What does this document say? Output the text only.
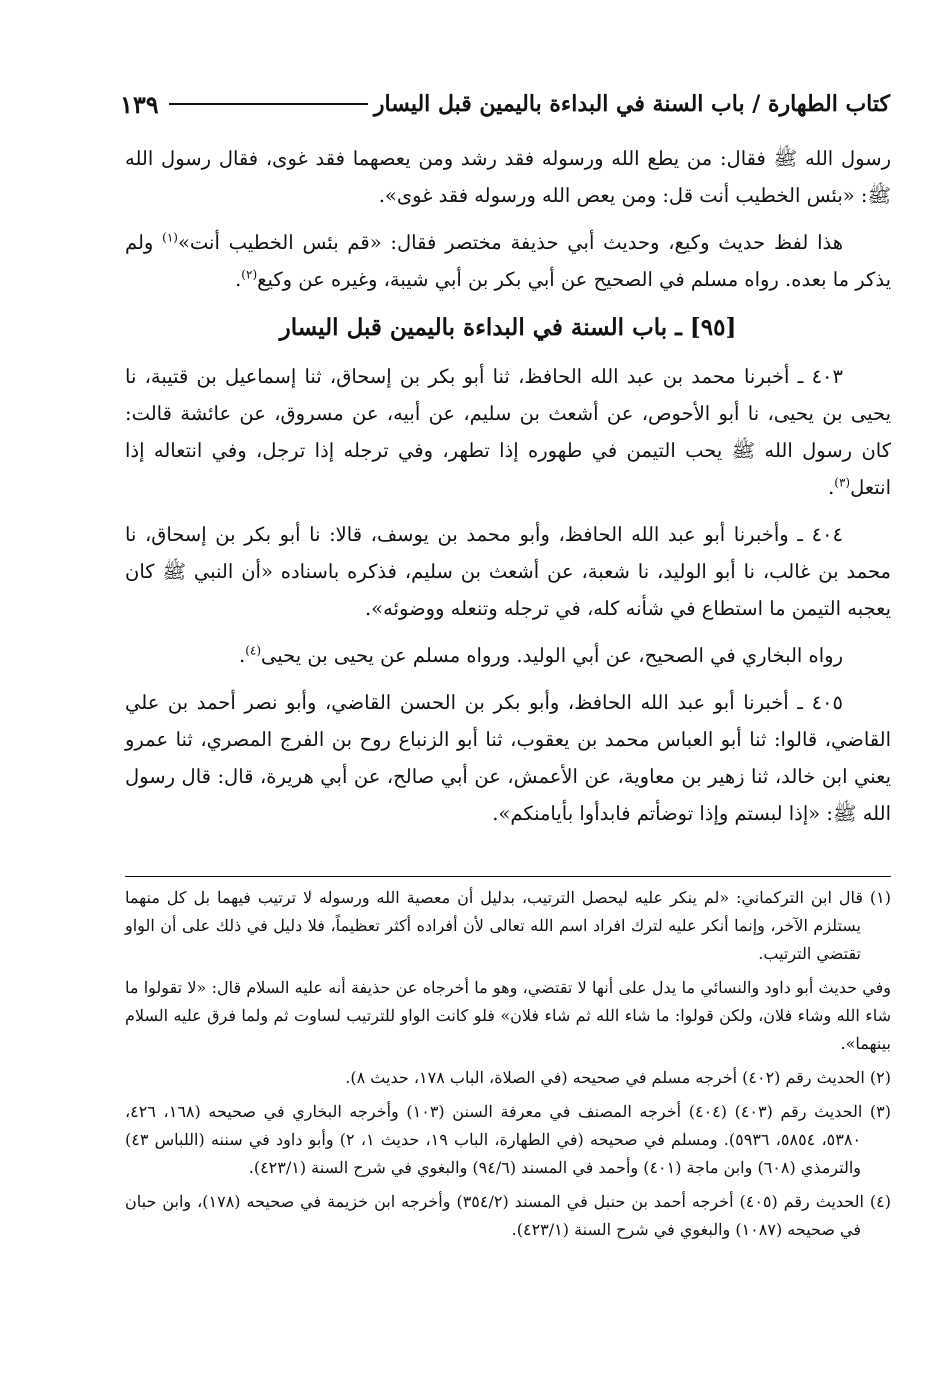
كتاب الطهارة / باب السنة في البداءة باليمين قبل اليسار
١٣٩

رسول الله ﷺ فقال: من يطع الله ورسوله فقد رشد ومن يعصهما فقد غوى، فقال رسول الله ﷺ: «بئس الخطيب أنت قل: ومن يعص الله ورسوله فقد غوى».

هذا لفظ حديث وكيع، وحديث أبي حذيفة مختصر فقال: «قم بئس الخطيب أنت»$^{(١)}$ ولم يذكر ما بعده. رواه مسلم في الصحيح عن أبي بكر بن أبي شيبة، وغيره عن وكيع$^{(٢)}$.

[٩٥] ـ باب السنة في البداءة باليمين قبل اليسار

٤٠٣ ـ أخبرنا محمد بن عبد الله الحافظ، ثنا أبو بكر بن إسحاق، ثنا إسماعيل بن قتيبة، نا يحيى بن يحيى، نا أبو الأحوص، عن أشعث بن سليم، عن أبيه، عن مسروق، عن عائشة قالت: كان رسول الله ﷺ يحب التيمن في طهوره إذا تطهر، وفي ترجله إذا ترجل، وفي انتعاله إذا انتعل$^{(٣)}$.

٤٠٤ ـ وأخبرنا أبو عبد الله الحافظ، وأبو محمد بن يوسف، قالا: نا أبو بكر بن إسحاق، نا محمد بن غالب، نا أبو الوليد، نا شعبة، عن أشعث بن سليم، فذكره باسناده «أن النبي ﷺ كان يعجبه التيمن ما استطاع في شأنه كله، في ترجله وتنعله ووضوئه».

رواه البخاري في الصحيح، عن أبي الوليد. ورواه مسلم عن يحيى بن يحيى$^{(٤)}$.

٤٠٥ ـ أخبرنا أبو عبد الله الحافظ، وأبو بكر بن الحسن القاضي، وأبو نصر أحمد بن علي القاضي، قالوا: ثنا أبو العباس محمد بن يعقوب، ثنا أبو الزنباع روح بن الفرج المصري، ثنا عمرو يعني ابن خالد، ثنا زهير بن معاوية، عن الأعمش، عن أبي صالح، عن أبي هريرة، قال: قال رسول الله ﷺ: «إذا لبستم وإذا توضأتم فابدأوا بأيامنكم».

(١) قال ابن التركماني: «لم ينكر عليه ليحصل الترتيب، بدليل أن معصية الله ورسوله لا ترتيب فيهما بل كل منهما يستلزم الآخر، وإنما أنكر عليه لترك افراد اسم الله تعالى لأن أفراده أكثر تعظيماً، فلا دليل في ذلك على أن الواو تقتضي الترتيب.

وفي حديث أبو داود والنسائي ما يدل على أنها لا تقتضي، وهو ما أخرجاه عن حذيفة أنه عليه السلام قال: «لا تقولوا ما شاء الله وشاء فلان، ولكن قولوا: ما شاء الله ثم شاء فلان» فلو كانت الواو للترتيب لساوت ثم ولما فرق عليه السلام بينهما».

(٢) الحديث رقم (٤٠٢) أخرجه مسلم في صحيحه (في الصلاة، الباب ١٧٨، حديث ٨).

(٣) الحديث رقم (٤٠٣) (٤٠٤) أخرجه المصنف في معرفة السنن (١٠٣) وأخرجه البخاري في صحيحه (١٦٨، ٤٢٦، ٥٣٨٠، ٥٨٥٤، ٥٩٣٦). ومسلم في صحيحه (في الطهارة، الباب ١٩، حديث ١، ٢) وأبو داود في سننه (اللباس ٤٣) والترمذي (٦٠٨) وابن ماجة (٤٠١) وأحمد في المسند (٩٤/٦) والبغوي في شرح السنة (٤٢٣/١).

(٤) الحديث رقم (٤٠٥) أخرجه أحمد بن حنبل في المسند (٣٥٤/٢) وأخرجه ابن خزيمة في صحيحه (١٧٨)، وابن حبان في صحيحه (١٠٨٧) والبغوي في شرح السنة (٤٢٣/١).
